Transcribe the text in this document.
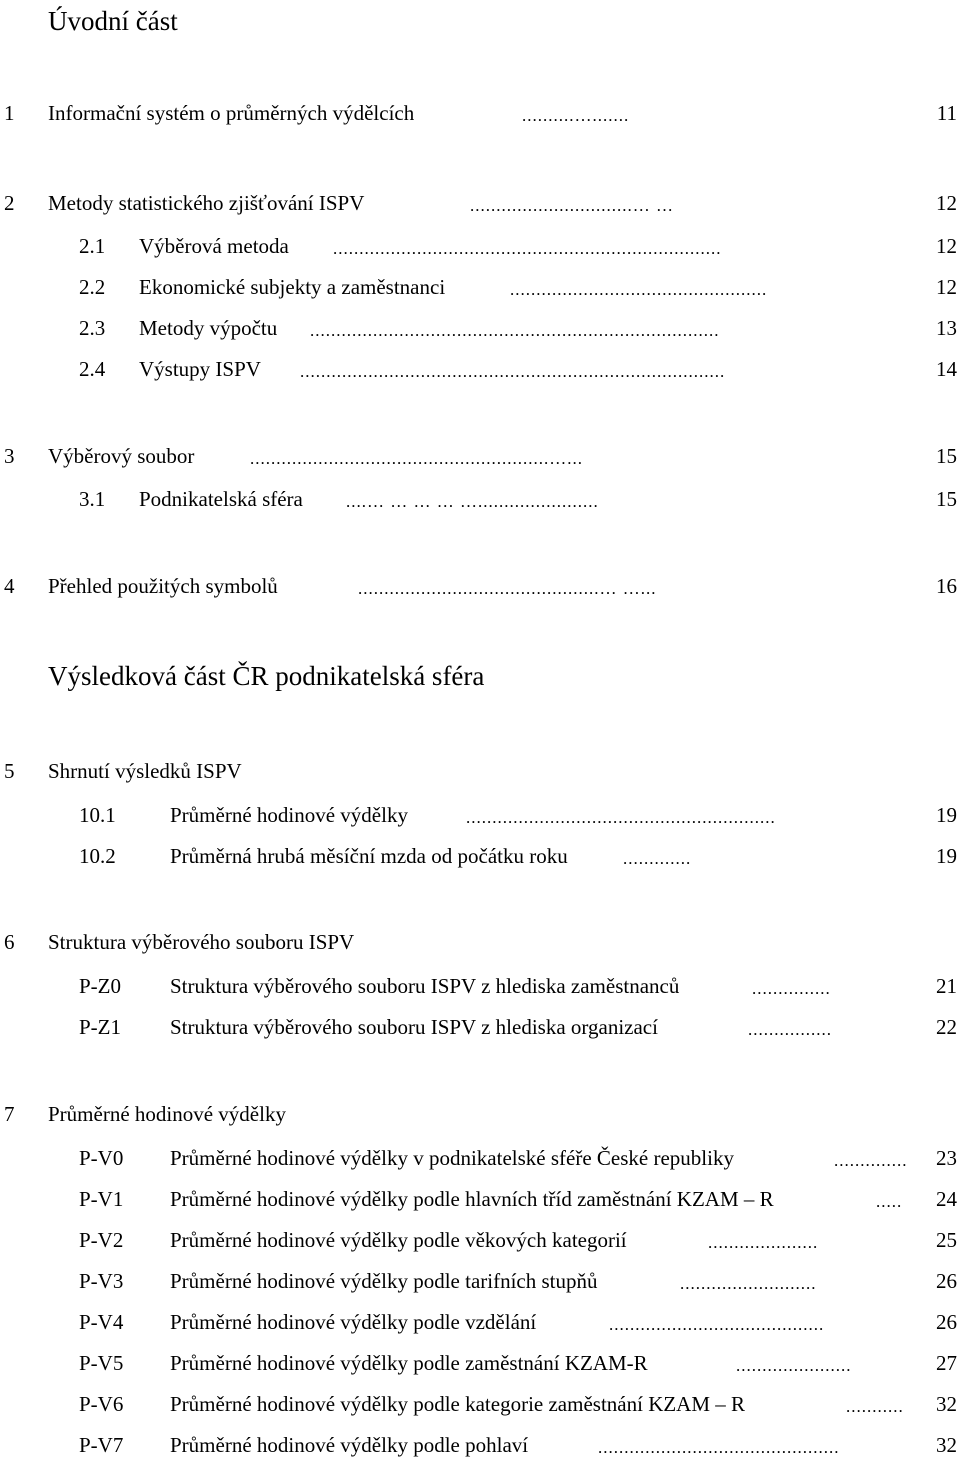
Úvodní část
1 Informační systém o průměrných výdělcích	..........….......	11
2 Metody statistického zjišťování ISPV	...............................… …	12
2.1 Výběrová metoda	..........................................................................	12
2.2 Ekonomické subjekty a zaměstnanci	.................................................	12
2.3 Metody výpočtu ..............................................................................	13
2.4 Výstupy ISPV .................................................................................	14
3 Výběrový soubor	.........................................................…...	15
3.1 Podnikatelská sféra	....… … … … ….......................	15
4 Přehled použitých symbolů	..............................................… …...	16
Výsledková část ČR podnikatelská sféra
5 Shrnutí výsledků ISPV
10.1	Průměrné hodinové výdělky	...........................................................	19
10.2	Průměrná hrubá měsíční mzda od počátku roku	.............	19
6 Struktura výběrového souboru ISPV
P-Z0 Struktura výběrového souboru ISPV z hlediska zaměstnanců	...............	21
P-Z1 Struktura výběrového souboru ISPV z hlediska organizací	................	22
7 Průměrné hodinové výdělky
P-V0 Průměrné hodinové výdělky v podnikatelské sféře České republiky	..............	23
P-V1 Průměrné hodinové výdělky podle hlavních tříd zaměstnání KZAM – R	.....	24
P-V2 Průměrné hodinové výdělky podle věkových kategorií	.....................	25
P-V3 Průměrné hodinové výdělky podle tarifních stupňů	..........................	26
P-V4 Průměrné hodinové výdělky podle vzdělání	.........................................	26
P-V5 Průměrné hodinové výdělky podle zaměstnání KZAM-R	......................	27
P-V6 Průměrné hodinové výdělky podle kategorie zaměstnání KZAM – R	...........	32
P-V7 Průměrné hodinové výdělky podle pohlaví	..............................................	32
